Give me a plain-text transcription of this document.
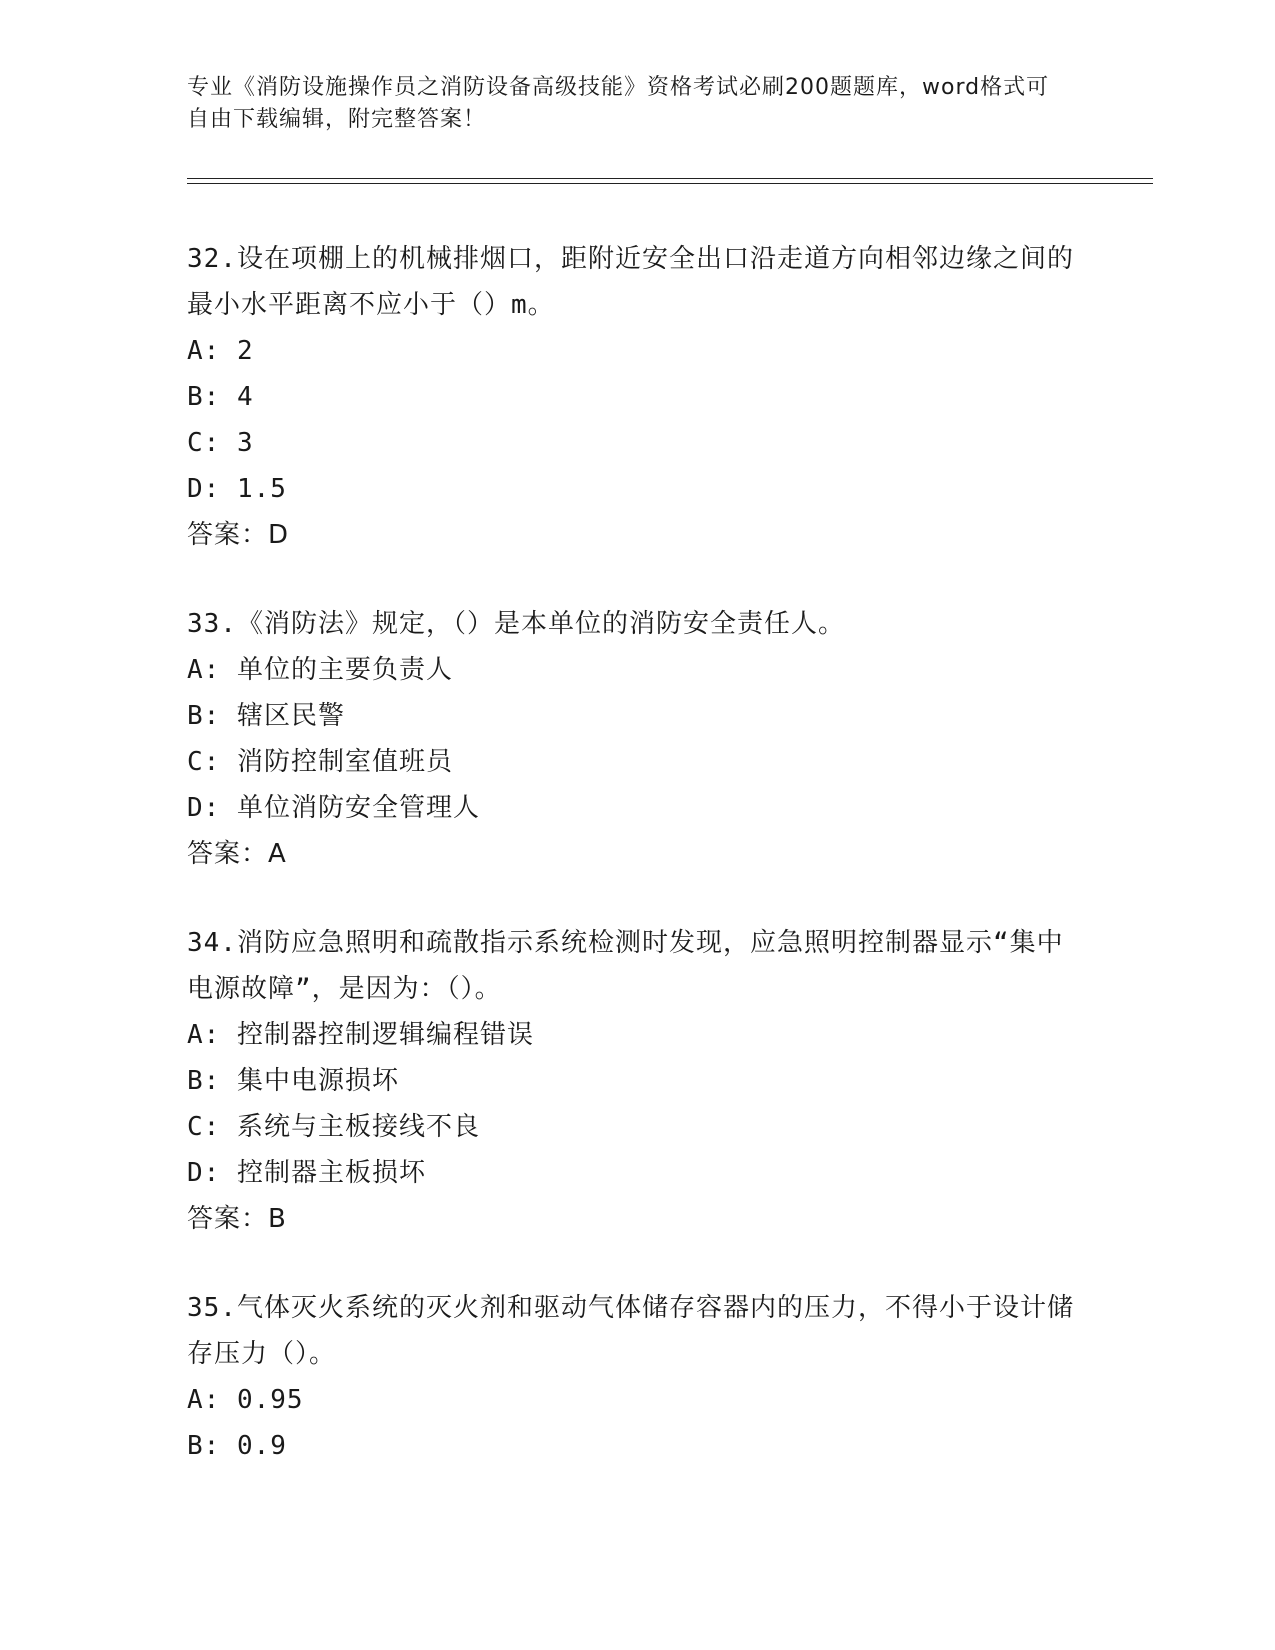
专业《消防设施操作员之消防设备高级技能》资格考试必刷200题题库，word格式可自由下载编辑，附完整答案！
32.设在项棚上的机械排烟口，距附近安全出口沿走道方向相邻边缘之间的最小水平距离不应小于（）m。
A: 2
B: 4
C: 3
D: 1.5
答案：D
33.《消防法》规定，（）是本单位的消防安全责任人。
A: 单位的主要负责人
B: 辖区民警
C: 消防控制室值班员
D: 单位消防安全管理人
答案：A
34.消防应急照明和疏散指示系统检测时发现，应急照明控制器显示“集中电源故障”，是因为：（）。
A: 控制器控制逻辑编程错误
B: 集中电源损坏
C: 系统与主板接线不良
D: 控制器主板损坏
答案：B
35.气体灭火系统的灭火剂和驱动气体储存容器内的压力，不得小于设计储存压力（）。
A: 0.95
B: 0.9
